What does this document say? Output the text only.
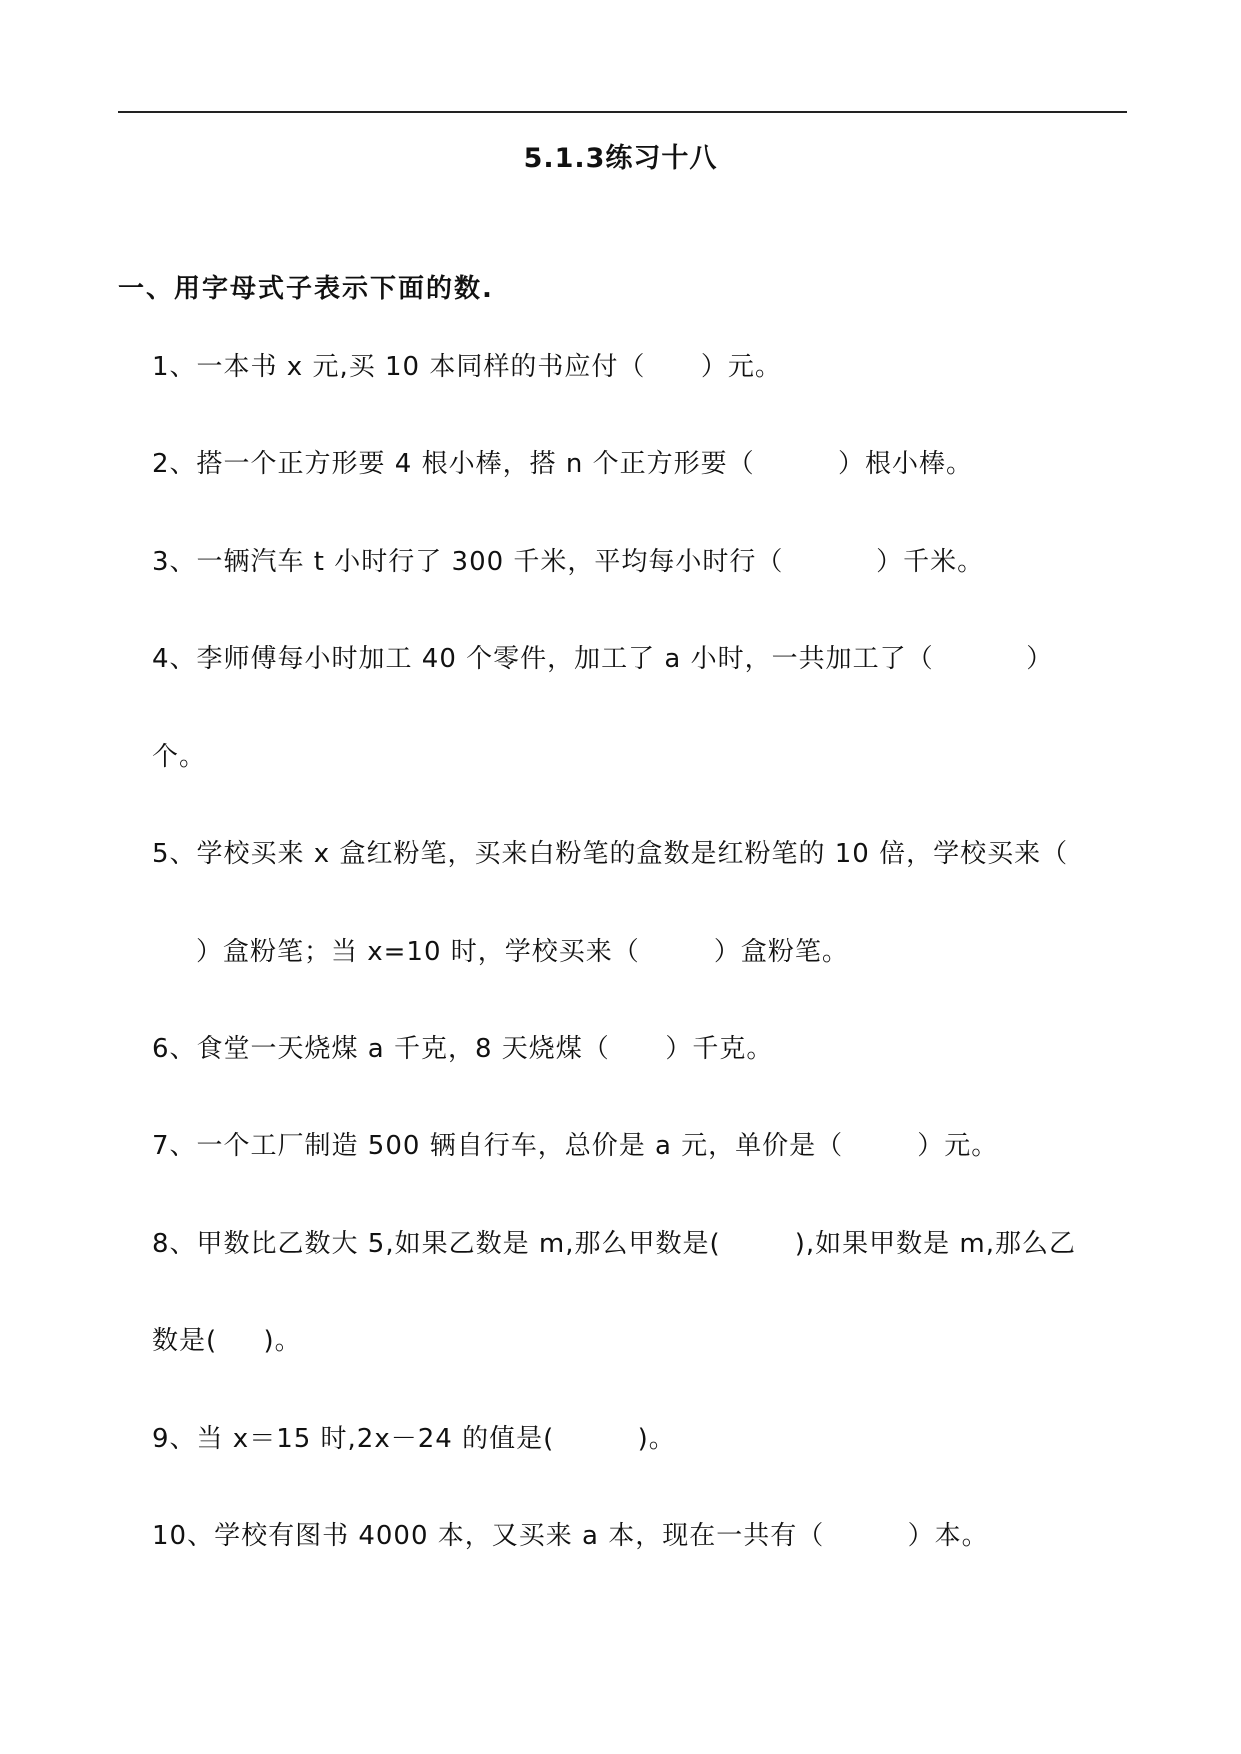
5.1.3练习十八
一、用字母式子表示下面的数.
1、一本书 x 元,买 10 本同样的书应付（      ）元。
2、搭一个正方形要 4 根小棒，搭 n 个正方形要（         ）根小棒。
3、一辆汽车 t 小时行了 300 千米，平均每小时行（          ）千米。
4、李师傅每小时加工 40 个零件，加工了 a 小时，一共加工了（          ）
个。
5、学校买来 x 盒红粉笔，买来白粉笔的盒数是红粉笔的 10 倍，学校买来（
）盒粉笔；当 x=10 时，学校买来（        ）盒粉笔。
6、食堂一天烧煤 a 千克，8 天烧煤（      ）千克。
7、一个工厂制造 500 辆自行车，总价是 a 元，单价是（        ）元。
8、甲数比乙数大 5,如果乙数是 m,那么甲数是(        ),如果甲数是 m,那么乙
数是(     )。
9、当 x＝15 时,2x－24 的值是(         )。
10、学校有图书 4000 本，又买来 a 本，现在一共有（         ）本。
